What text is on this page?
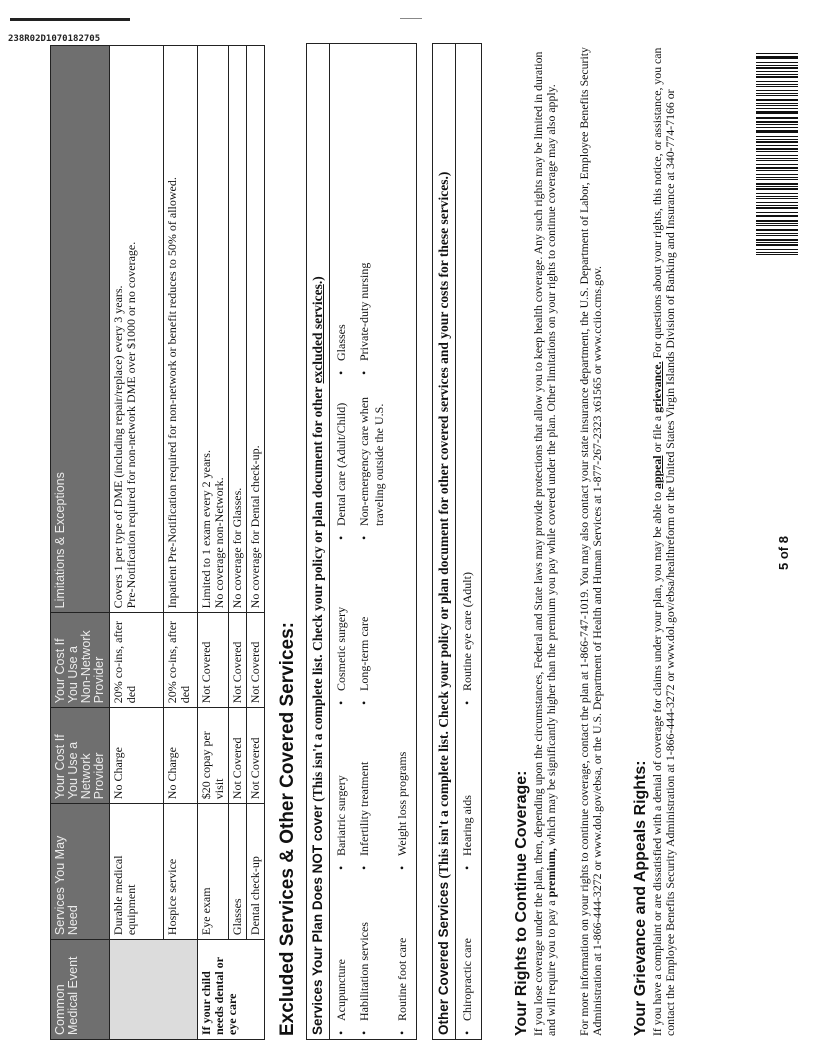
238R02D1070182705
Common Medical Event	Services You May Need	Your Cost If You Use a Network Provider	Your Cost If You Use a Non-Network Provider	Limitations & Exceptions
	Durable medical equipment	No Charge	20% co-ins, after ded	Covers 1 per type of DME (including repair/replace) every 3 years.
Pre-Notification required for non-network DME over $1000 or no coverage.
	Hospice service	No Charge	20% co-ins, after ded	Inpatient Pre-Notification required for non-network or benefit reduces to 50% of allowed.
If your child needs dental or eye care	Eye exam	$20 copay per visit	Not Covered	Limited to 1 exam every 2 years.
No coverage non-Network.
	Glasses	Not Covered	Not Covered	No coverage for Glasses.
	Dental check-up	Not Covered	Not Covered	No coverage for Dental check-up.
Excluded Services & Other Covered Services: Services Your Plan Does NOT cover (This isn't a complete list. Check your policy or plan document for other excluded services.)
•
Acupuncture
•
Bariatric surgery
•
Cosmetic surgery
•
Dental care (Adult/Child)
•
Glasses
•
Habilitation services
•
Infertility treatment
•
Long-term care
•
Non-emergency care when traveling outside the U.S.
•
Private-duty nursing
•
Routine foot care
•
Weight loss programs
Other Covered Services (This isn't a complete list. Check your policy or plan document for other covered services and your costs for these services.)
•
Chiropractic care
•
Hearing aids
•
Routine eye care (Adult)
Your Rights to Continue Coverage: If you lose coverage under the plan, then, depending upon the circumstances, Federal and State laws may provide protections that allow you to keep health coverage. Any such rights may be limited in duration and will require you to pay a premium, which may be significantly higher than the premium you pay while covered under the plan. Other limitations on your rights to continue coverage may also apply. For more information on your rights to continue coverage, contact the plan at 1-866-747-1019. You may also contact your state insurance department, the U.S. Department of Labor, Employee Benefits Security Administration at 1-866-444-3272 or www.dol.gov/ebsa, or the U.S. Department of Health and Human Services at 1-877-267-2323 x61565 or www.cciio.cms.gov. Your Grievance and Appeals Rights: If you have a complaint or are dissatisfied with a denial of coverage for claims under your plan, you may be able to appeal or file a grievance. For questions about your rights, this notice, or assistance, you can contact the Employee Benefits Security Administration at 1-866-444-3272 or www.dol.gov/ebsa/healthreform or the United States Virgin Islands Division of Banking and Insurance at 340-774-7166 or	5 of 8
